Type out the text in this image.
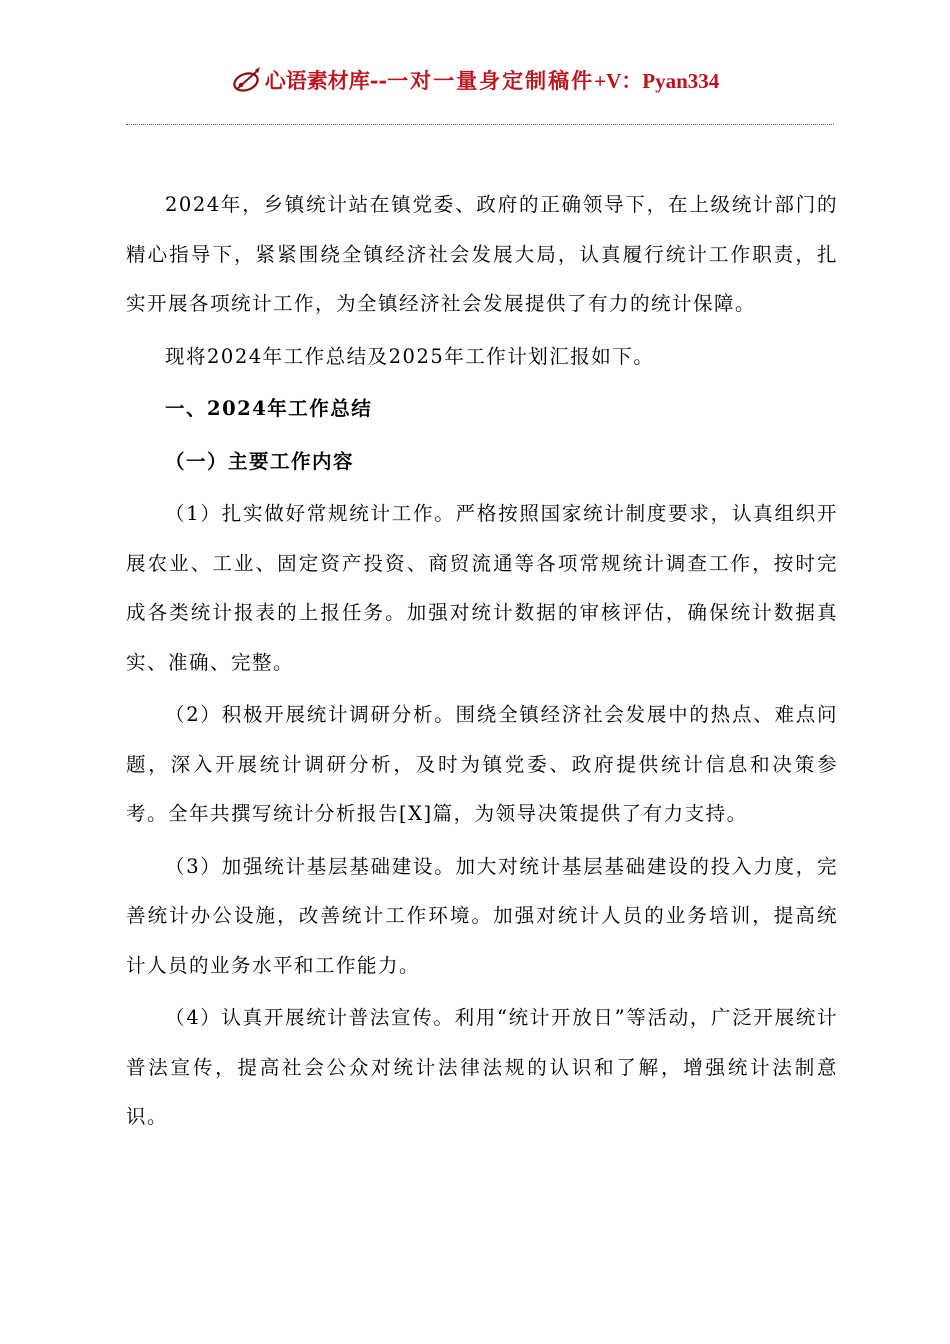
心语素材库--一对一量身定制稿件+V：Pyan334

2024年，乡镇统计站在镇党委、政府的正确领导下，在上级统计部门的精心指导下，紧紧围绕全镇经济社会发展大局，认真履行统计工作职责，扎实开展各项统计工作，为全镇经济社会发展提供了有力的统计保障。

现将2024年工作总结及2025年工作计划汇报如下。

一、2024年工作总结

（一）主要工作内容

（1）扎实做好常规统计工作。严格按照国家统计制度要求，认真组织开展农业、工业、固定资产投资、商贸流通等各项常规统计调查工作，按时完成各类统计报表的上报任务。加强对统计数据的审核评估，确保统计数据真实、准确、完整。

（2）积极开展统计调研分析。围绕全镇经济社会发展中的热点、难点问题，深入开展统计调研分析，及时为镇党委、政府提供统计信息和决策参考。全年共撰写统计分析报告[X]篇，为领导决策提供了有力支持。

（3）加强统计基层基础建设。加大对统计基层基础建设的投入力度，完善统计办公设施，改善统计工作环境。加强对统计人员的业务培训，提高统计人员的业务水平和工作能力。

（4）认真开展统计普法宣传。利用“统计开放日”等活动，广泛开展统计普法宣传，提高社会公众对统计法律法规的认识和了解，增强统计法制意识。
